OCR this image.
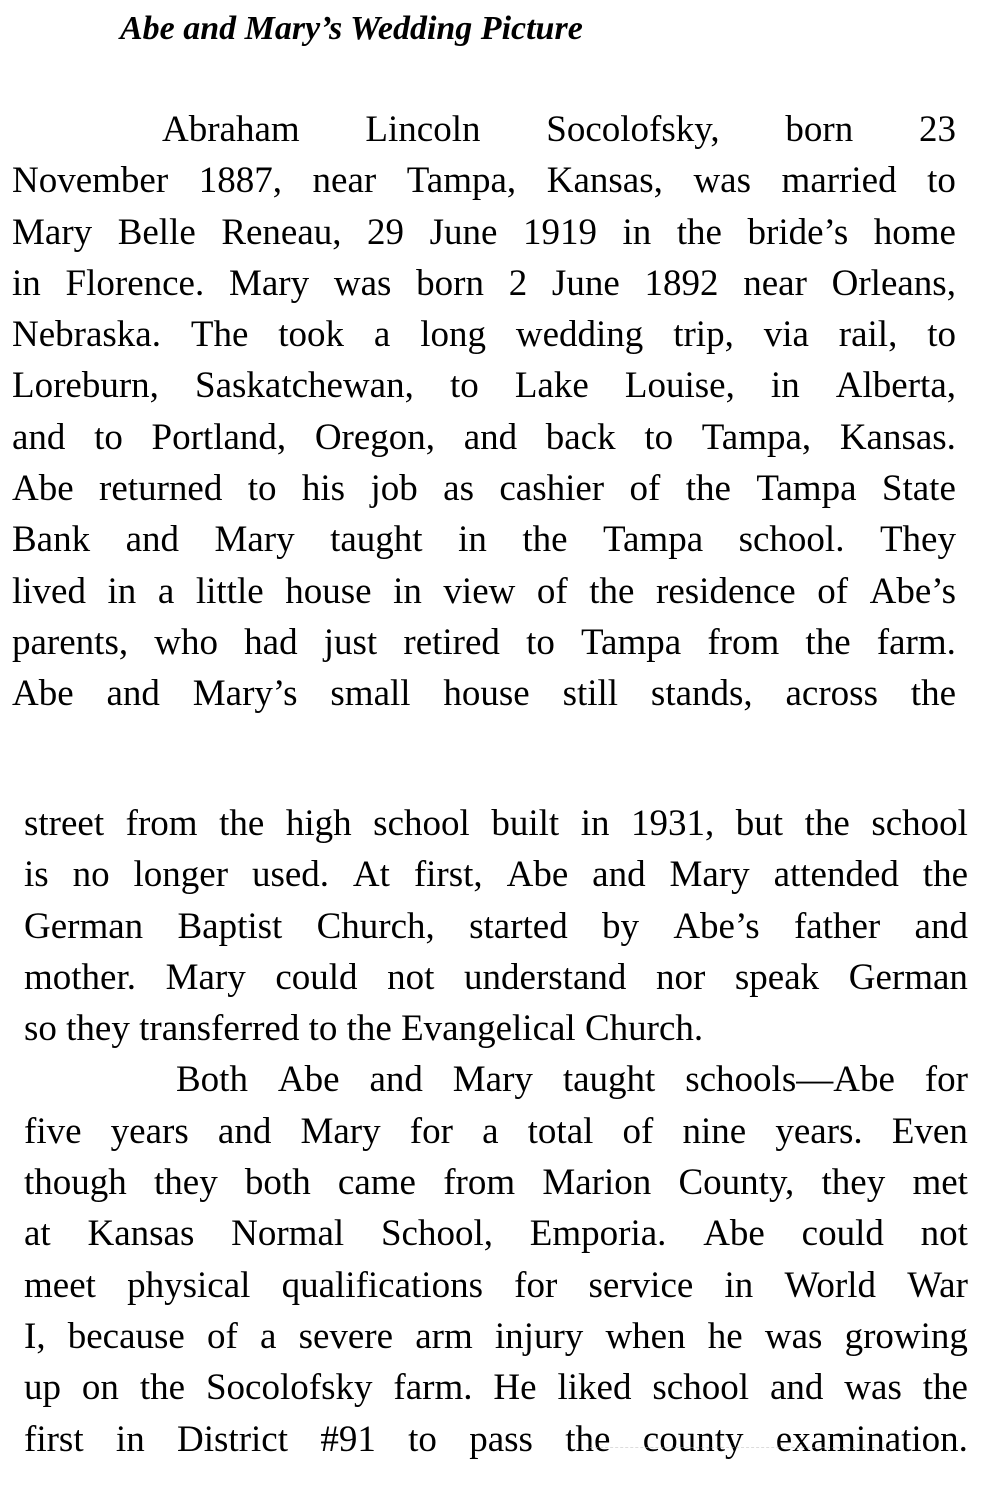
Abe and Mary’s Wedding Picture
Abraham Lincoln Socolofsky, born 23
November 1887, near Tampa, Kansas, was married to
Mary Belle Reneau, 29 June 1919 in the bride’s home
in Florence. Mary was born 2 June 1892 near Orleans,
Nebraska. The took a long wedding trip, via rail, to
Loreburn, Saskatchewan, to Lake Louise, in Alberta,
and to Portland, Oregon, and back to Tampa, Kansas.
Abe returned to his job as cashier of the Tampa State
Bank and Mary taught in the Tampa school. They
lived in a little house in view of the residence of Abe’s
parents, who had just retired to Tampa from the farm.
Abe and Mary’s small house still stands, across the
street from the high school built in 1931, but the school
is no longer used. At first, Abe and Mary attended the
German Baptist Church, started by Abe’s father and
mother. Mary could not understand nor speak German
so they transferred to the Evangelical Church.
Both Abe and Mary taught schools—Abe for
five years and Mary for a total of nine years. Even
though they both came from Marion County, they met
at Kansas Normal School, Emporia. Abe could not
meet physical qualifications for service in World War
I, because of a severe arm injury when he was growing
up on the Socolofsky farm. He liked school and was the
first in District #91 to pass the county examination.
